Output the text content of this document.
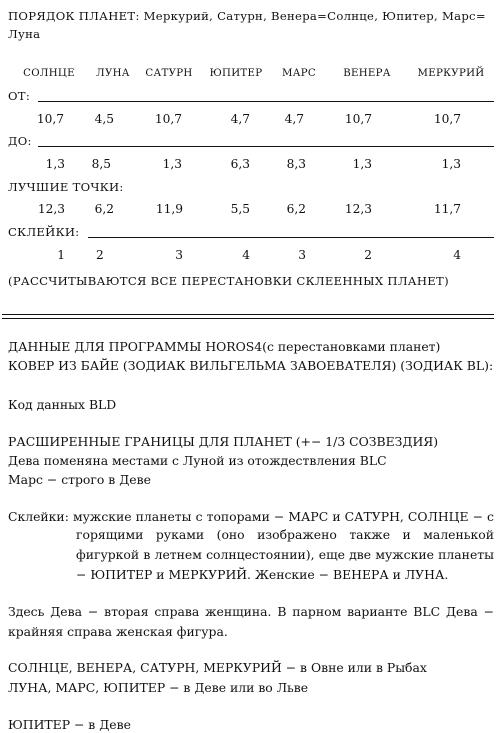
ПОРЯДОК ПЛАНЕТ: Меркурий, Сатурн, Венера=Солнце, Юпитер, Марс=
Луна
СОЛНЦЕ	ЛУНА	САТУРН	ЮПИТЕР	МАРС	ВЕНЕРА	МЕРКУРИЙ
ОТ:
10,7	4,5	10,7	4,7	4,7	10,7	10,7
ДО:
1,3	8,5	1,3	6,3	8,3	1,3	1,3
ЛУЧШИЕ ТОЧКИ:
12,3	6,2	11,9	5,5	6,2	12,3	11,7
СКЛЕЙКИ:
1	2	3	4	3	2	4
(РАССЧИТЫВАЮТСЯ ВСЕ ПЕРЕСТАНОВКИ СКЛЕЕННЫХ ПЛАНЕТ)
ДАННЫЕ ДЛЯ ПРОГРАММЫ HOROS4(с перестановками планет)
КОВЕР ИЗ БАЙЕ (ЗОДИАК ВИЛЬГЕЛЬМА ЗАВОЕВАТЕЛЯ) (ЗОДИАК BL):
Код данных BLD
РАСШИРЕННЫЕ ГРАНИЦЫ ДЛЯ ПЛАНЕТ (+− 1/3 СОЗВЕЗДИЯ)
Дева поменяна местами с Луной из отождествления BLC
Марс − строго в Деве
Склейки: мужские планеты с топорами − МАРС и САТУРН, СОЛНЦЕ − с
горящими руками (оно изображено также и маленькой фигуркой в летнем солнцестоянии), еще две мужские планеты − ЮПИТЕР и МЕРКУРИЙ. Женские − ВЕНЕРА и ЛУНА.
Здесь Дева − вторая справа женщина. В парном варианте BLC Дева − крайняя справа женская фигура.
СОЛНЦЕ, ВЕНЕРА, САТУРН, МЕРКУРИЙ − в Овне или в Рыбах
ЛУНА, МАРС, ЮПИТЕР − в Деве или во Льве
ЮПИТЕР − в Деве
